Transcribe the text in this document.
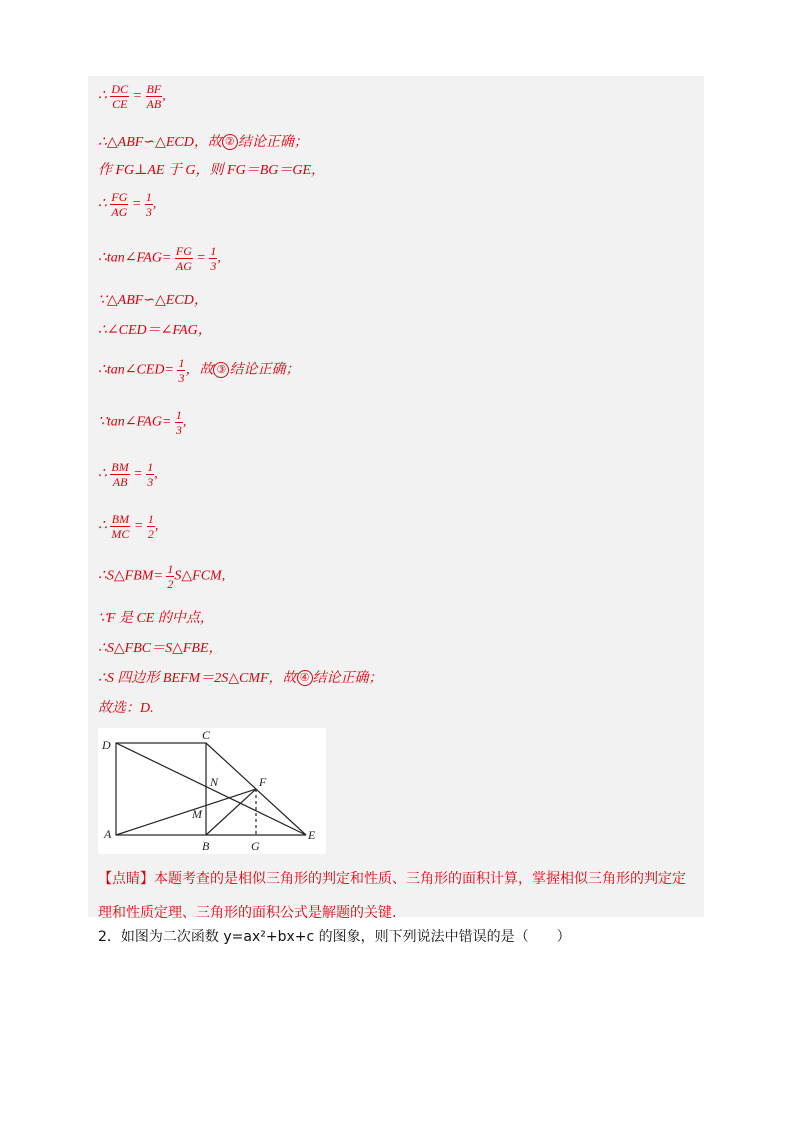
∴ $\frac{DC}{CE} = \frac{BF}{AB}$ ,
∴△ABF∽△ECD，故 ② 结论正确；
作 FG⊥AE 于 G，则 FG＝BG＝GE，
∴ $\frac{FG}{AG} = \frac{1}{3}$ ,
∴tan∠FAG= $\frac{FG}{AG} = \frac{1}{3}$ ,
∵△ABF∽△ECD，
∴∠CED＝∠FAG，
∴tan∠CED= $\frac{1}{3}$ ，故 ③ 结论正确；
∵tan∠FAG= $\frac{1}{3}$ ,
∴ $\frac{BM}{AB} = \frac{1}{3}$ ,
∴ $\frac{BM}{MC} = \frac{1}{2}$ ,
∴S△FBM= $\frac{1}{2}$ S△FCM,
∵F 是 CE 的中点，
∴S△FBC＝S△FBE，
∴S 四边形 BEFM＝2S△CMF，故 ④ 结论正确；
故选：D.
D
C
N	F
M
A
B	G
E
【点睛】本题考查的是相似三角形的判定和性质、三角形的面积计算，掌握相似三角形的判定定理和性质定理、三角形的面积公式是解题的关键.
2．如图为二次函数 y=ax²+bx+c 的图象，则下列说法中错误的是（　　）
